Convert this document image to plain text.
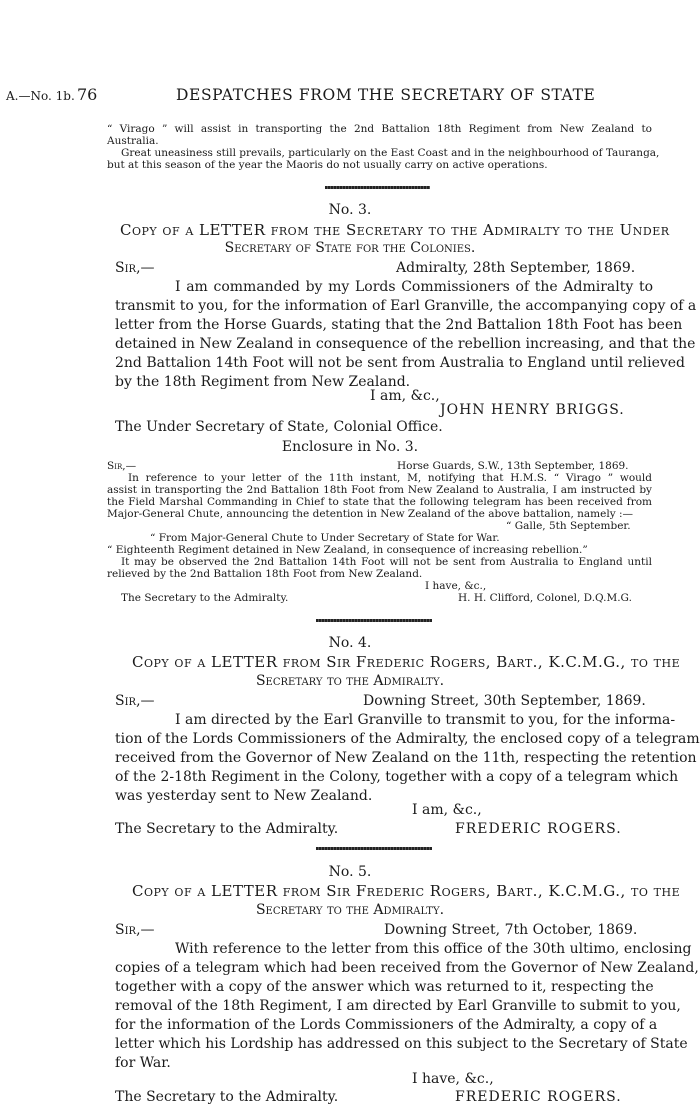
A.—No. 1b. 76	DESPATCHES FROM THE SECRETARY OF STATE
“ Virago ” will assist in transporting the 2nd Battalion 18th Regiment from New Zealand to
Australia.
Great uneasiness still prevails, particularly on the East Coast and in the neighbourhood of Tauranga,
but at this season of the year the Maoris do not usually carry on active operations.
No. 3.
Copy of a LETTER from the Secretary to the Admiralty to the Under
Secretary of State for the Colonies.
Sir,—	Admiralty, 28th September, 1869.
I am commanded by my Lords Commissioners of the Admiralty to
transmit to you, for the information of Earl Granville, the accompanying copy of a
letter from the Horse Guards, stating that the 2nd Battalion 18th Foot has been
detained in New Zealand in consequence of the rebellion increasing, and that the
2nd Battalion 14th Foot will not be sent from Australia to England until relieved
by the 18th Regiment from New Zealand.
I am, &c.,
JOHN HENRY BRIGGS.
The Under Secretary of State, Colonial Office.
Enclosure in No. 3.
Sir,—	Horse Guards, S.W., 13th September, 1869.
In reference to your letter of the 11th instant, M, notifying that H.M.S. “ Virago ” would
assist in transporting the 2nd Battalion 18th Foot from New Zealand to Australia, I am instructed by
the Field Marshal Commanding in Chief to state that the following telegram has been received from
Major-General Chute, announcing the detention in New Zealand of the above battalion, namely :—
“ Galle, 5th September.
“ From Major-General Chute to Under Secretary of State for War.
“ Eighteenth Regiment detained in New Zealand, in consequence of increasing rebellion.”
It may be observed the 2nd Battalion 14th Foot will not be sent from Australia to England until
relieved by the 2nd Battalion 18th Foot from New Zealand.
I have, &c.,
The Secretary to the Admiralty.	H. H. Clifford, Colonel, D.Q.M.G.
No. 4.
Copy of a LETTER from Sir Frederic Rogers, Bart., K.C.M.G., to the
Secretary to the Admiralty.
Sir,—	Downing Street, 30th September, 1869.
I am directed by the Earl Granville to transmit to you, for the informa-
tion of the Lords Commissioners of the Admiralty, the enclosed copy of a telegram
received from the Governor of New Zealand on the 11th, respecting the retention
of the 2-18th Regiment in the Colony, together with a copy of a telegram which
was yesterday sent to New Zealand.
I am, &c.,
The Secretary to the Admiralty.	FREDERIC ROGERS.
No. 5.
Copy of a LETTER from Sir Frederic Rogers, Bart., K.C.M.G., to the
Secretary to the Admiralty.
Sir,—	Downing Street, 7th October, 1869.
With reference to the letter from this office of the 30th ultimo, enclosing
copies of a telegram which had been received from the Governor of New Zealand,
together with a copy of the answer which was returned to it, respecting the
removal of the 18th Regiment, I am directed by Earl Granville to submit to you,
for the information of the Lords Commissioners of the Admiralty, a copy of a
letter which his Lordship has addressed on this subject to the Secretary of State
for War.
I have, &c.,
The Secretary to the Admiralty.	FREDERIC ROGERS.
